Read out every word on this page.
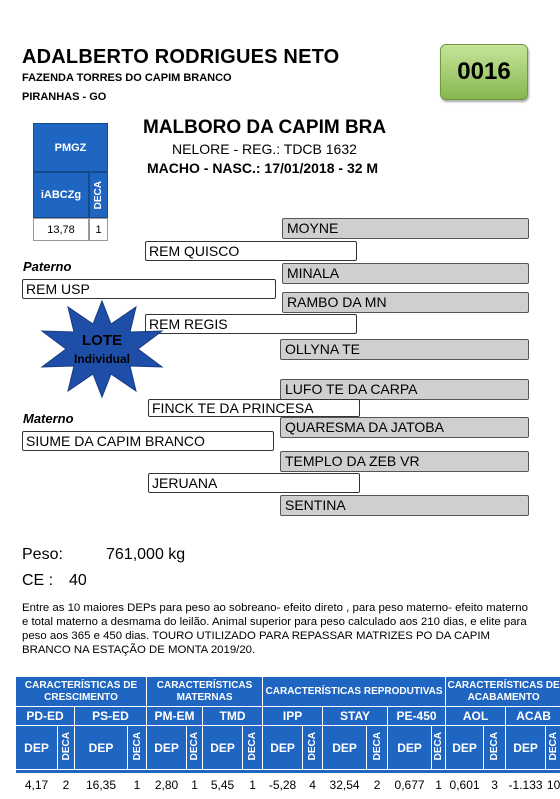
ADALBERTO RODRIGUES NETO
FAZENDA TORRES DO CAPIM BRANCO
PIRANHAS - GO
0016
PMGZ
iABCZg	DECA
13,78	1
MALBORO DA CAPIM BRA
NELORE - REG.: TDCB 1632
MACHO - NASC.: 17/01/2018 - 32 M
MOYNE
REM QUISCO
Paterno	MINALA
REM USP
RAMBO DA MN
REM REGIS
OLLYNA TE
LOTE
Individual
LUFO TE DA CARPA
FINCK TE DA PRINCESA
Materno
QUARESMA DA JATOBA
SIUME DA CAPIM BRANCO
TEMPLO DA ZEB VR
JERUANA
SENTINA
Peso:	761,000 kg
CE : 40
Entre as 10 maiores DEPs para peso ao sobreano- efeito direto , para peso materno- efeito materno e total materno a desmama do leilão. Animal superior para peso calculado aos 210 dias, e elite para peso aos 365 e 450 dias. TOURO UTILIZADO PARA REPASSAR MATRIZES PO DA CAPIM BRANCO NA ESTAÇÃO DE MONTA 2019/20.
CARACTERÍSTICAS DE CRESCIMENTO				CARACTERÍSTICAS MATERNAS				CARACTERÍSTICAS REPRODUTIVAS						CARACTERÍSTICAS DE ACABAMENTO			
PD-ED		PS-ED		PM-EM		TMD		IPP		STAY		PE-450		AOL		ACAB	
DEP	DECA	DEP	DECA	DEP	DECA	DEP	DECA	DEP	DECA	DEP	DECA	DEP	DECA	DEP	DECA	DEP	DECA

4,17	2	16,35	1	2,80	1	5,45	1	-5,28	4	32,54	2	0,677	1	0,601	3	-1.133	10
